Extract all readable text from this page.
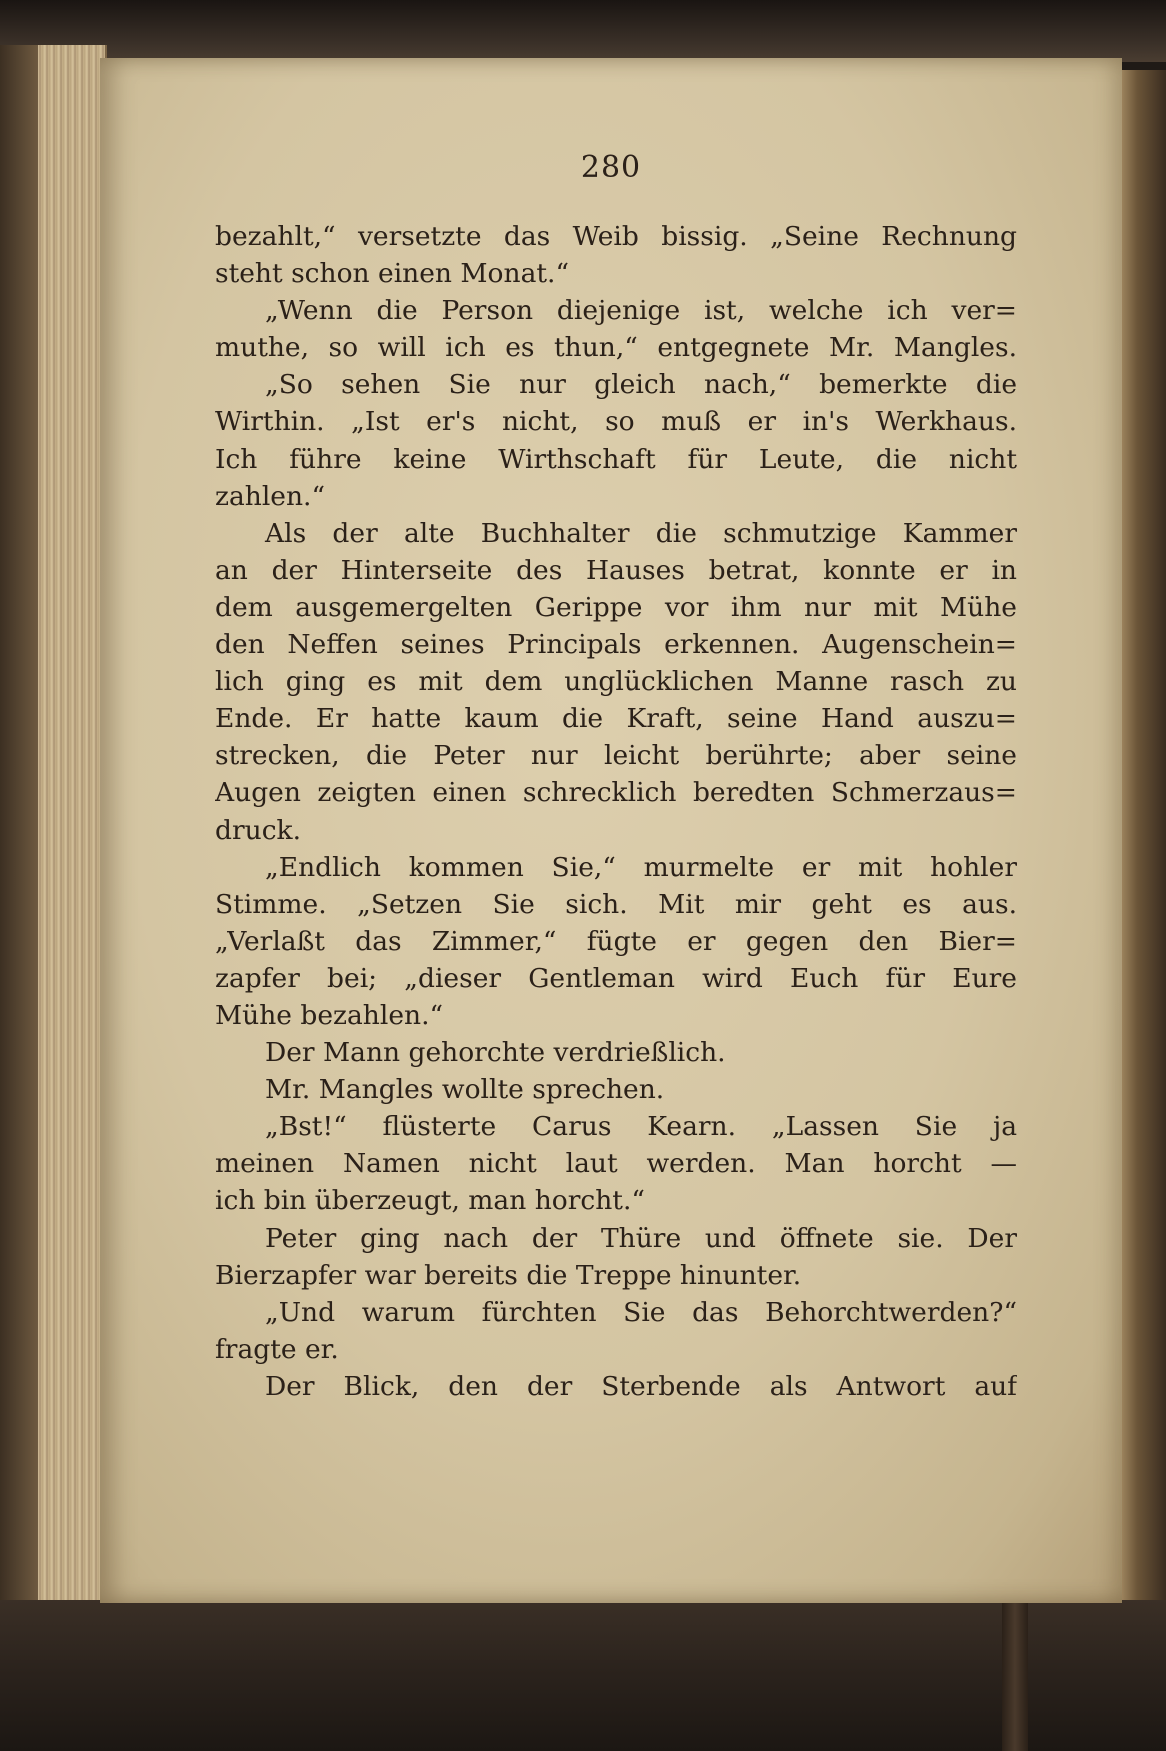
280
bezahlt,“ versetzte das Weib bissig. „Seine Rechnung
steht schon einen Monat.“
„Wenn die Person diejenige ist, welche ich ver=
muthe, so will ich es thun,“ entgegnete Mr. Mangles.
„So sehen Sie nur gleich nach,“ bemerkte die
Wirthin. „Ist er's nicht, so muß er in's Werkhaus.
Ich führe keine Wirthschaft für Leute, die nicht
zahlen.“
Als der alte Buchhalter die schmutzige Kammer
an der Hinterseite des Hauses betrat, konnte er in
dem ausgemergelten Gerippe vor ihm nur mit Mühe
den Neffen seines Principals erkennen. Augenschein=
lich ging es mit dem unglücklichen Manne rasch zu
Ende. Er hatte kaum die Kraft, seine Hand auszu=
strecken, die Peter nur leicht berührte; aber seine
Augen zeigten einen schrecklich beredten Schmerzaus=
druck.
„Endlich kommen Sie,“ murmelte er mit hohler
Stimme. „Setzen Sie sich. Mit mir geht es aus.
„Verlaßt das Zimmer,“ fügte er gegen den Bier=
zapfer bei; „dieser Gentleman wird Euch für Eure
Mühe bezahlen.“
Der Mann gehorchte verdrießlich.
Mr. Mangles wollte sprechen.
„Bst!“ flüsterte Carus Kearn. „Lassen Sie ja
meinen Namen nicht laut werden. Man horcht —
ich bin überzeugt, man horcht.“
Peter ging nach der Thüre und öffnete sie. Der
Bierzapfer war bereits die Treppe hinunter.
„Und warum fürchten Sie das Behorchtwerden?“
fragte er.
Der Blick, den der Sterbende als Antwort auf
